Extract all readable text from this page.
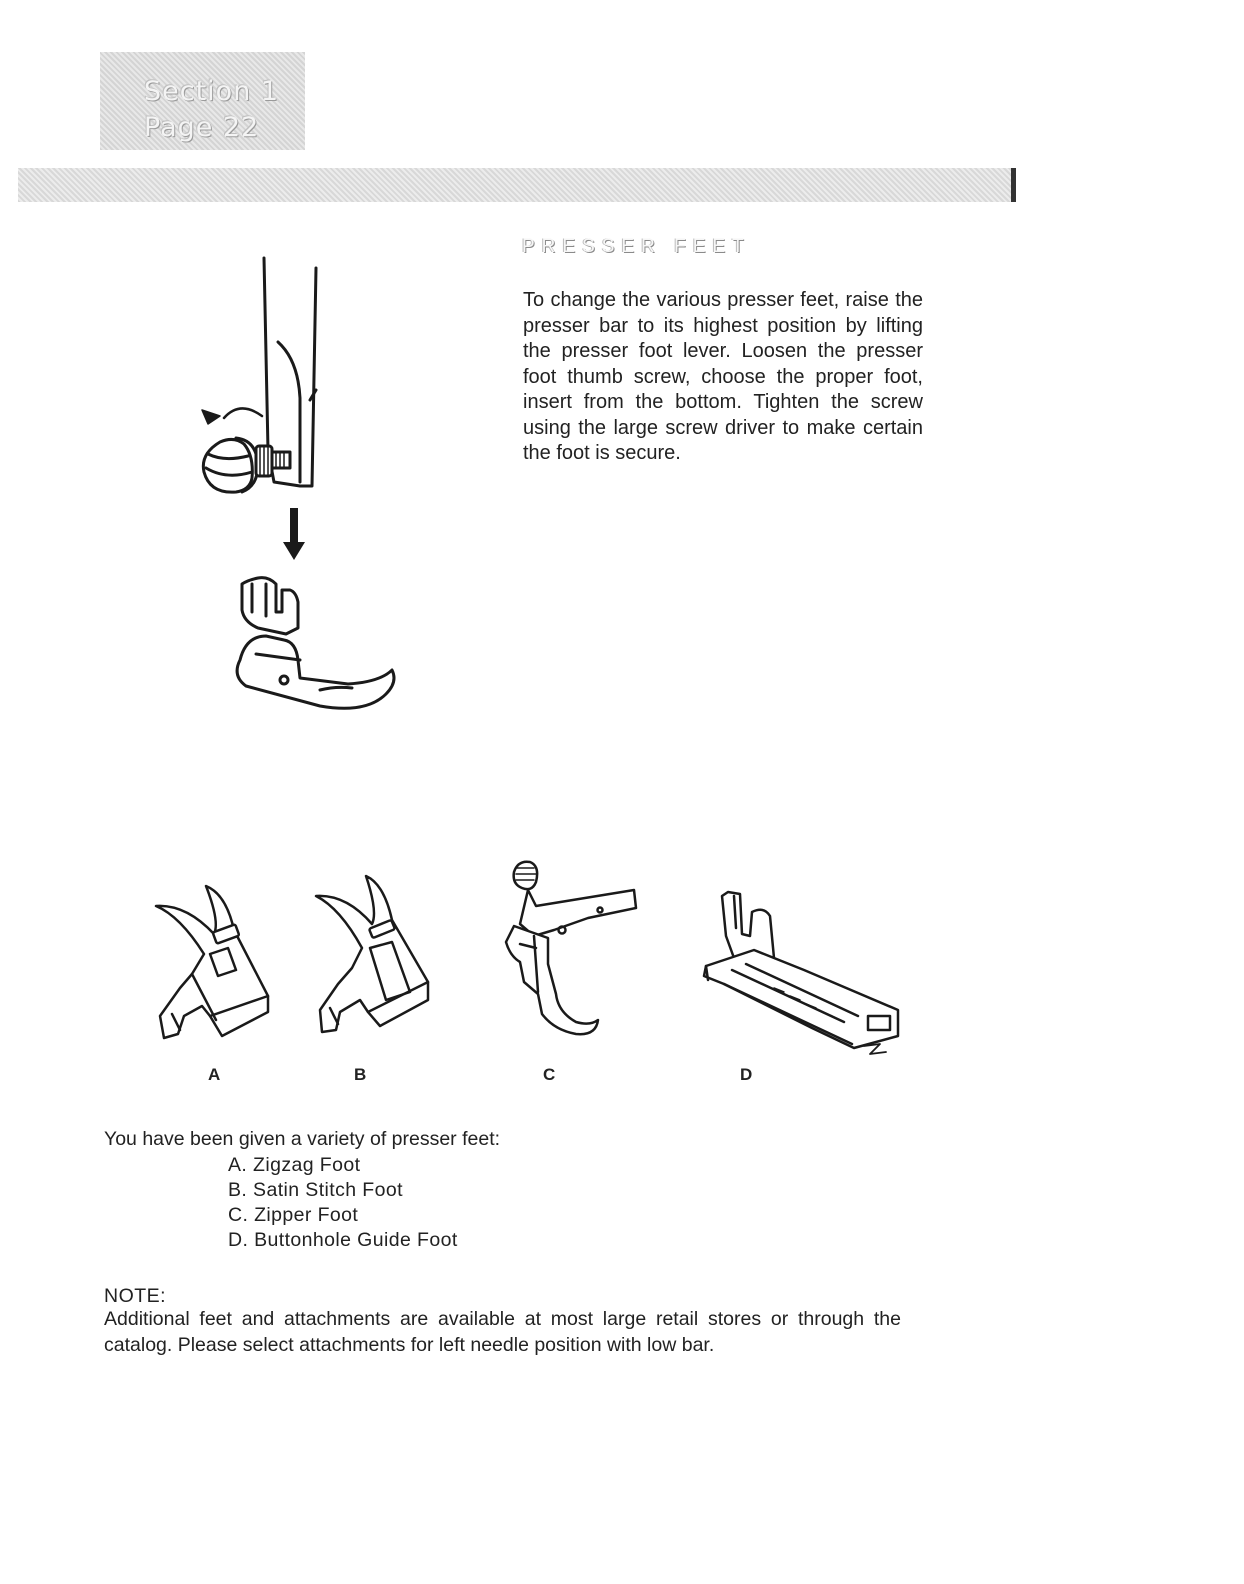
Section 1
Page 22
PRESSER FEET
To change the various presser feet, raise the presser bar to its highest position by lifting the presser foot lever. Loosen the presser foot thumb screw, choose the proper foot, insert from the bottom. Tighten the screw using the large screw driver to make certain the foot is secure.
A	B	C	D
You have been given a variety of presser feet:
A. Zigzag Foot
B. Satin Stitch Foot
C. Zipper Foot
D. Buttonhole Guide Foot
NOTE:
Additional feet and attachments are available at most large retail stores or through the catalog. Please select attachments for left needle position with low bar.
